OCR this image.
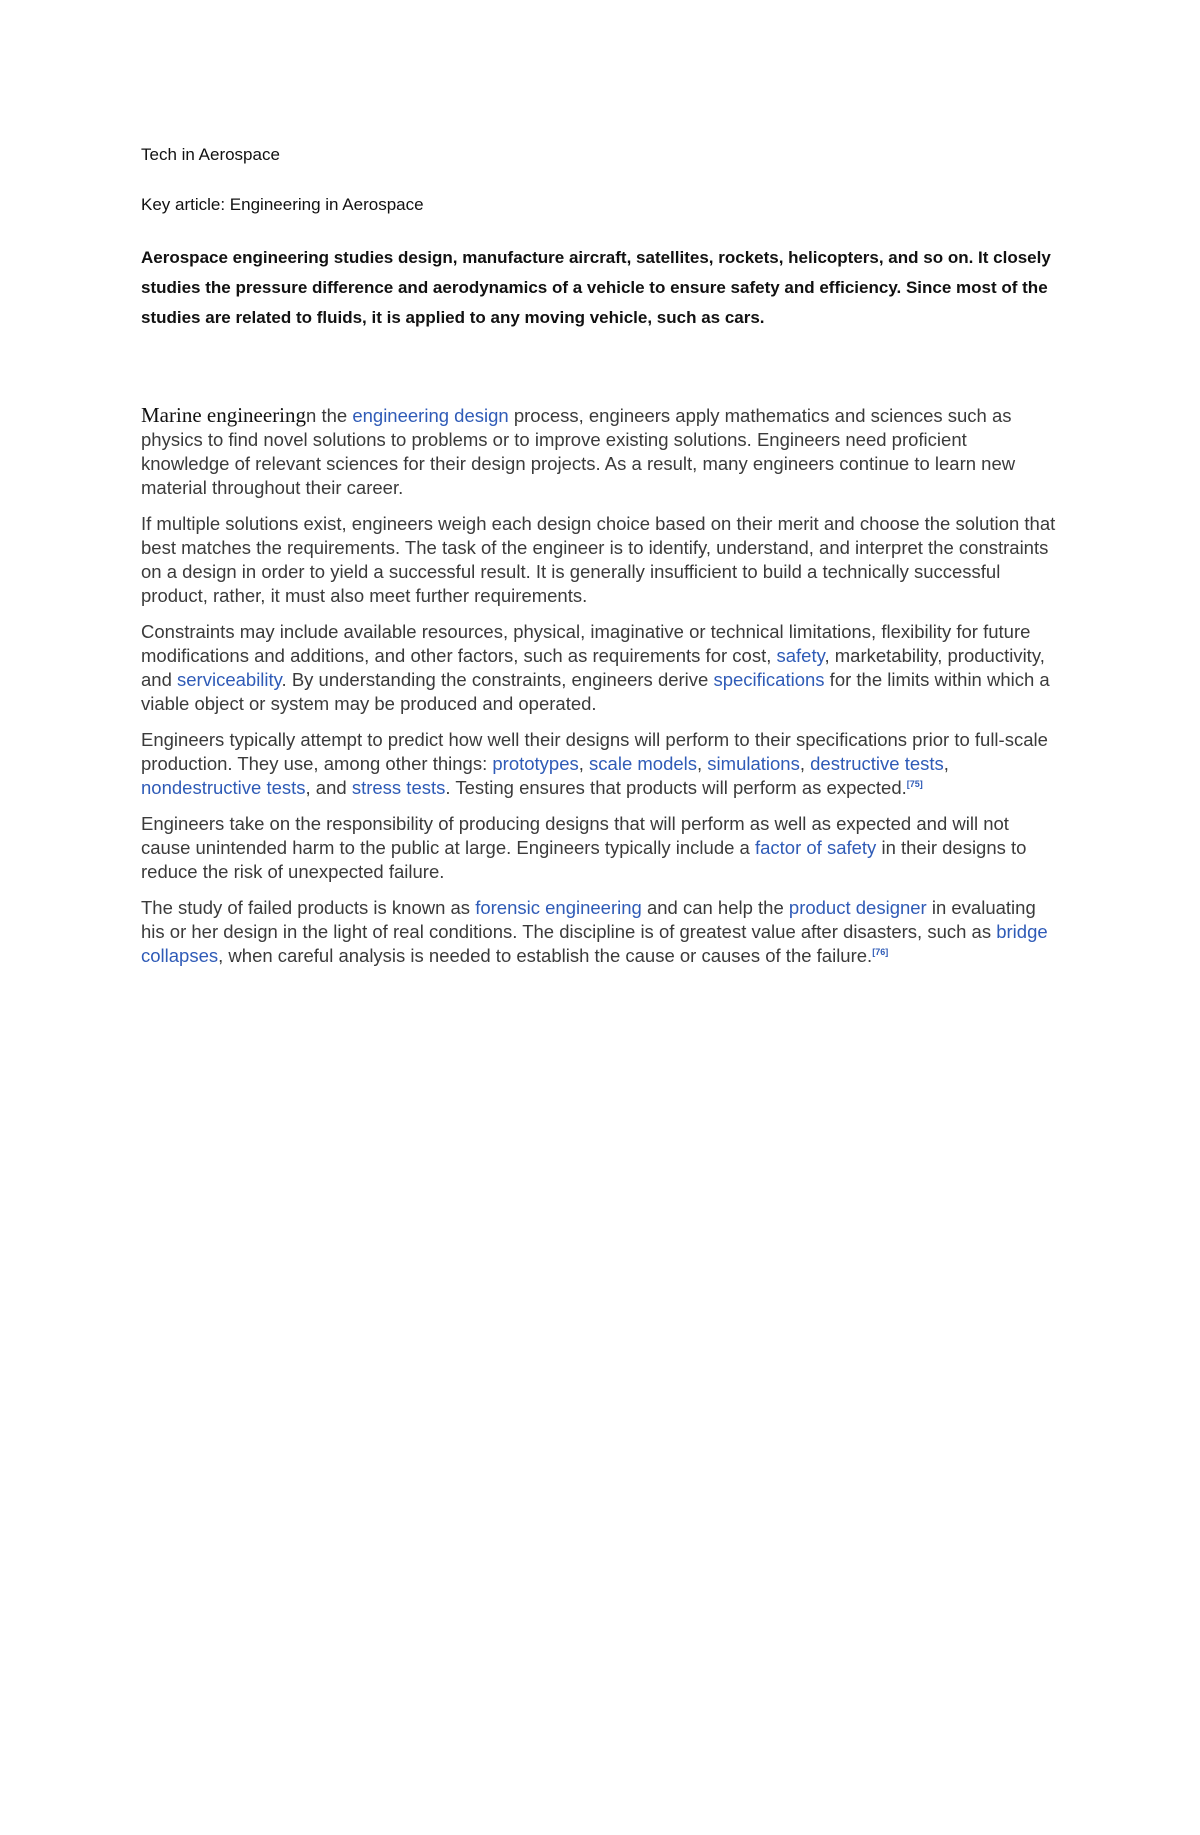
Tech in Aerospace

Key article: Engineering in Aerospace

Aerospace engineering studies design, manufacture aircraft, satellites, rockets, helicopters, and so on. It closely studies the pressure difference and aerodynamics of a vehicle to ensure safety and efficiency. Since most of the studies are related to fluids, it is applied to any moving vehicle, such as cars.

Marine engineeringn the engineering design process, engineers apply mathematics and sciences such as physics to find novel solutions to problems or to improve existing solutions. Engineers need proficient knowledge of relevant sciences for their design projects. As a result, many engineers continue to learn new material throughout their career.

If multiple solutions exist, engineers weigh each design choice based on their merit and choose the solution that best matches the requirements. The task of the engineer is to identify, understand, and interpret the constraints on a design in order to yield a successful result. It is generally insufficient to build a technically successful product, rather, it must also meet further requirements.

Constraints may include available resources, physical, imaginative or technical limitations, flexibility for future modifications and additions, and other factors, such as requirements for cost, safety, marketability, productivity, and serviceability. By understanding the constraints, engineers derive specifications for the limits within which a viable object or system may be produced and operated.

Engineers typically attempt to predict how well their designs will perform to their specifications prior to full-scale production. They use, among other things: prototypes, scale models, simulations, destructive tests, nondestructive tests, and stress tests. Testing ensures that products will perform as expected.[75]

Engineers take on the responsibility of producing designs that will perform as well as expected and will not cause unintended harm to the public at large. Engineers typically include a factor of safety in their designs to reduce the risk of unexpected failure.

The study of failed products is known as forensic engineering and can help the product designer in evaluating his or her design in the light of real conditions. The discipline is of greatest value after disasters, such as bridge collapses, when careful analysis is needed to establish the cause or causes of the failure.[76]
